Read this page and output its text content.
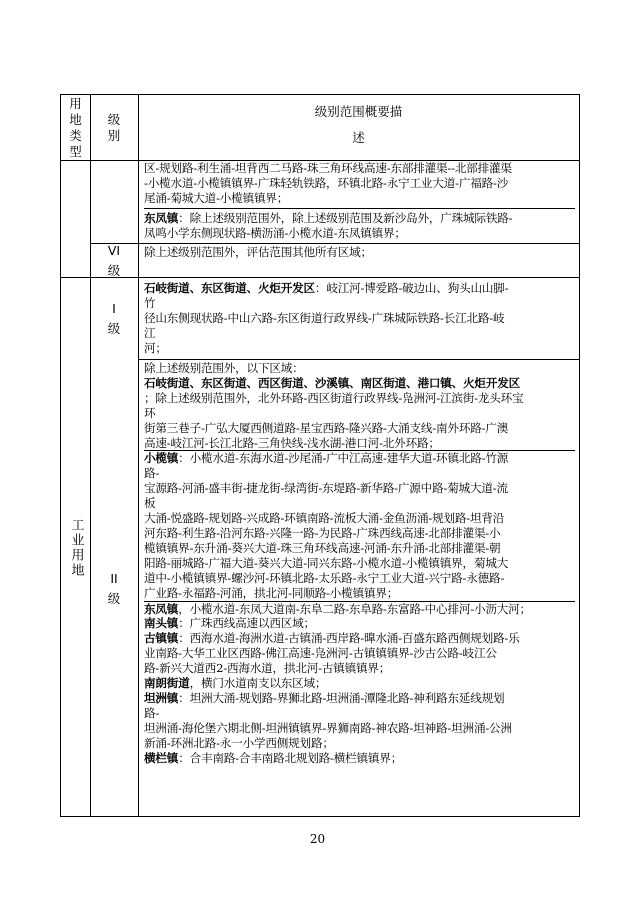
用
地
类
型
级
别
级别范围概要描
述

区-规划路-利生涌-坦背西二马路-珠三角环线高速-东部排灌渠--北部排灌渠

-小榄水道-小榄镇镇界-广珠轻轨铁路，环镇北路-永宁工业大道-广福路-沙

尾涌-菊城大道-小榄镇镇界；

东凤镇：除上述级别范围外，除上述级别范围及新沙岛外，广珠城际铁路-

凤鸣小学东侧现状路-横沥涌-小榄水道-东凤镇镇界；

VI
级

除上述级别范围外，评估范围其他所有区域；

工业用地
I
级

石岐街道、东区街道、火炬开发区：岐江河-博爱路-破边山、狗头山山脚-

竹

径山东侧现状路-中山六路-东区街道行政界线-广珠城际铁路-长江北路-岐

江

河；

II
级

除上述级别范围外，以下区域：

石岐街道、东区街道、西区街道、沙溪镇、南区街道、港口镇、火炬开发区

；除上述级别范围外，北外环路-西区街道行政界线-凫洲河-江滨街-龙头环宝

环

街第三巷子-广弘大厦西侧道路-星宝西路-隆兴路-大涌支线-南外环路-广澳

高速-岐江河-长江北路-三角快线-浅水湖-港口河-北外环路；

小榄镇：小榄水道-东海水道-沙尾涌-广中江高速-建华大道-环镇北路-竹源

路-

宝源路-河涌-盛丰街-捷龙街-绿湾街-东堤路-新华路-广源中路-菊城大道-流

板

大涌-悦盛路-规划路-兴成路-环镇南路-流板大涌-金鱼沥涌-规划路-坦背沿

河东路-利生路-沿河东路-兴隆一路-为民路-广珠西线高速-北部排灌渠-小

榄镇镇界-东升涌-葵兴大道-珠三角环线高速-河涌-东升涌-北部排灌渠-朝

阳路-丽城路-广福大道-葵兴大道-同兴东路-小榄水道-小榄镇镇界，菊城大

道中-小榄镇镇界-螺沙河-环镇北路-太乐路-永宁工业大道-兴宁路-永德路-

广业路-永福路-河涌，拱北河-同顺路-小榄镇镇界；

东凤镇，小榄水道-东凤大道南-东阜二路-东阜路-东富路-中心排河-小沥大河；

南头镇：广珠西线高速以西区域；

古镇镇：西海水道-海洲水道-古镇涌-西岸路-曍水涌-百盛东路西侧规划路-乐

业南路-大华工业区西路-佛江高速-凫洲河-古镇镇镇界-沙古公路-岐江公

路-新兴大道西2-西海水道，拱北河-古镇镇镇界；

南朗街道，横门水道南支以东区域；

坦洲镇：坦洲大涌-规划路-界狮北路-坦洲涌-潭隆北路-神利路东延线规划

路-

坦洲涌-海伦堡六期北侧-坦洲镇镇界-界狮南路-神农路-坦神路-坦洲涌-公洲

新涌-环洲北路-永一小学西侧规划路；

横栏镇：合丰南路-合丰南路北规划路-横栏镇镇界；

20
